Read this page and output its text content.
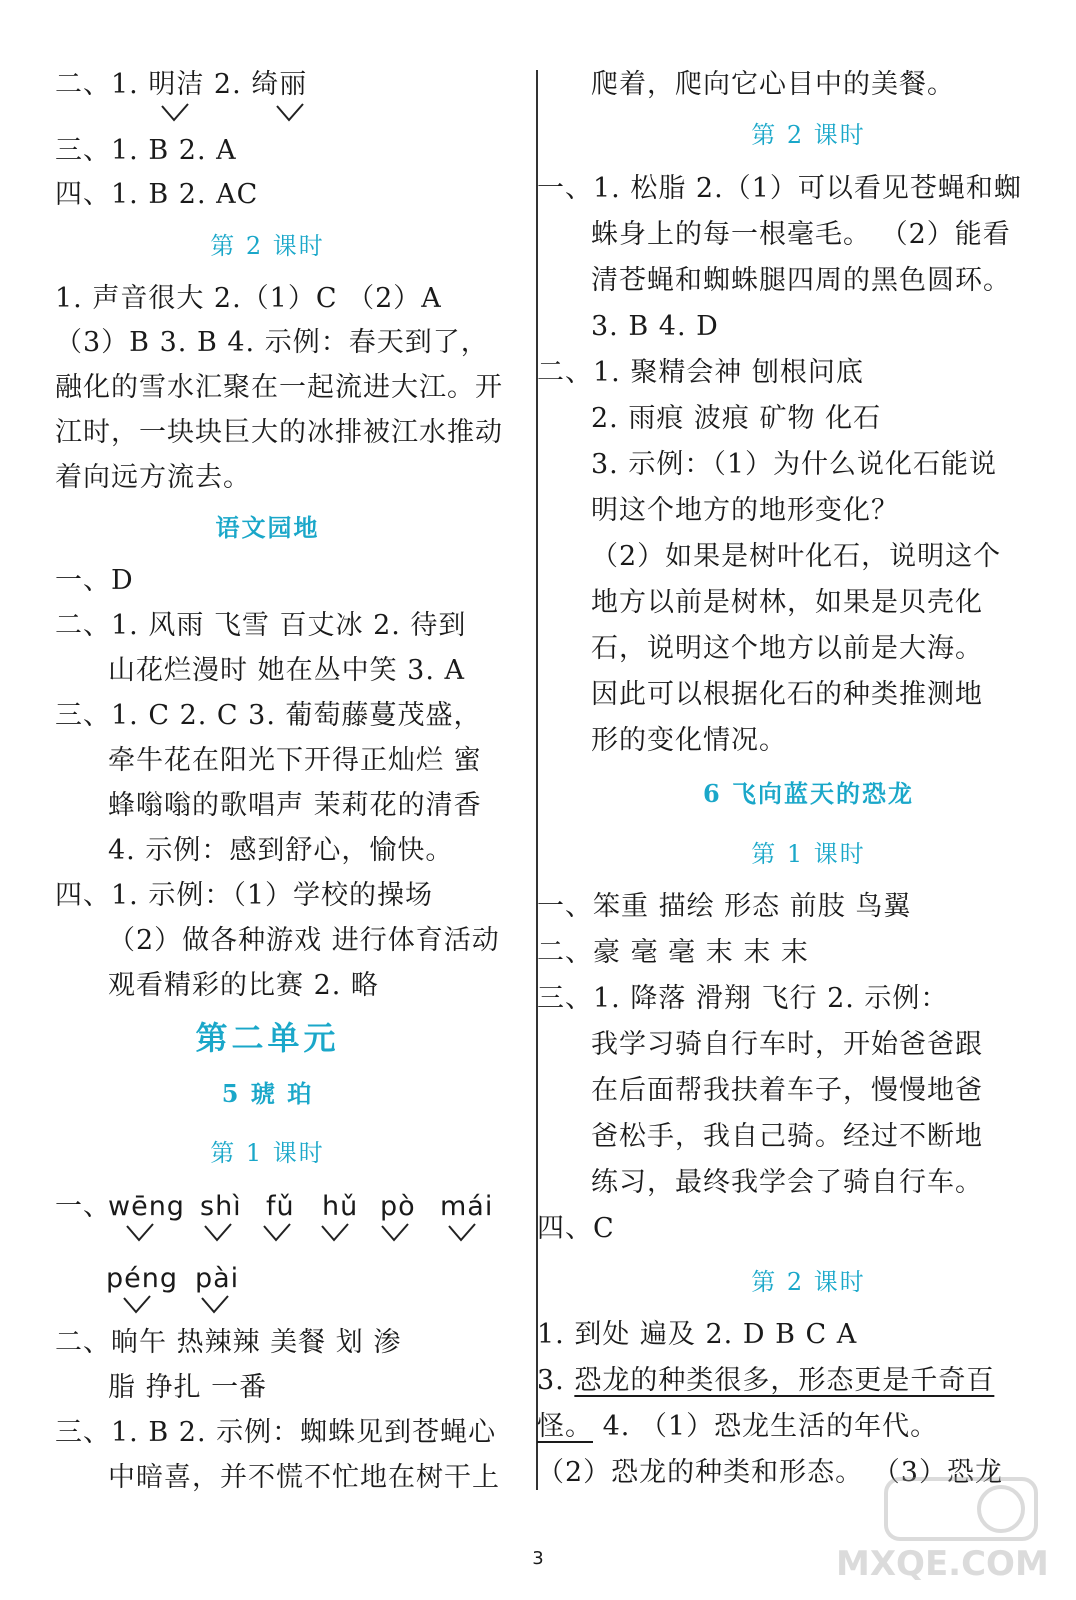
二、1. 明洁 2. 绮丽
三、1. B 2. A
四、1. B 2. AC
第 2 课时
1. 声音很大 2.（1）C （2）A
（3）B 3. B 4. 示例：春天到了，
融化的雪水汇聚在一起流进大江。开
江时，一块块巨大的冰排被江水推动
着向远方流去。
语文园地
一、D
二、1. 风雨 飞雪 百丈冰 2. 待到
山花烂漫时 她在丛中笑 3. A
三、1. C 2. C 3. 葡萄藤蔓茂盛，
牵牛花在阳光下开得正灿烂 蜜
蜂嗡嗡的歌唱声 茉莉花的清香
4. 示例：感到舒心，愉快。
四、1. 示例：（1）学校的操场
（2）做各种游戏 进行体育活动
观看精彩的比赛 2. 略
第二单元
5 琥 珀
第 1 课时
一、
wēng shì fǔ hǔ pò mái
péng pài
二、晌午 热辣辣 美餐 划 渗
脂 挣扎 一番
三、1. B 2. 示例：蜘蛛见到苍蝇心
中暗喜，并不慌不忙地在树干上
爬着，爬向它心目中的美餐。
第 2 课时
一、1. 松脂 2.（1）可以看见苍蝇和蜘
蛛身上的每一根毫毛。 （2）能看
清苍蝇和蜘蛛腿四周的黑色圆环。
3. B 4. D
二、1. 聚精会神 刨根问底
2. 雨痕 波痕 矿物 化石
3. 示例：（1）为什么说化石能说
明这个地方的地形变化？
（2）如果是树叶化石，说明这个
地方以前是树林，如果是贝壳化
石，说明这个地方以前是大海。
因此可以根据化石的种类推测地
形的变化情况。
6 飞向蓝天的恐龙
第 1 课时
一、笨重 描绘 形态 前肢 鸟翼
二、豪 毫 毫 末 末 末
三、1. 降落 滑翔 飞行 2. 示例：
我学习骑自行车时，开始爸爸跟
在后面帮我扶着车子，慢慢地爸
爸松手，我自己骑。经过不断地
练习，最终我学会了骑自行车。
四、C
第 2 课时
1. 到处 遍及 2. D B C A
3. 恐龙的种类很多，形态更是千奇百
怪。 4. （1）恐龙生活的年代。
（2）恐龙的种类和形态。 （3）恐龙
MXQE.COM
3
